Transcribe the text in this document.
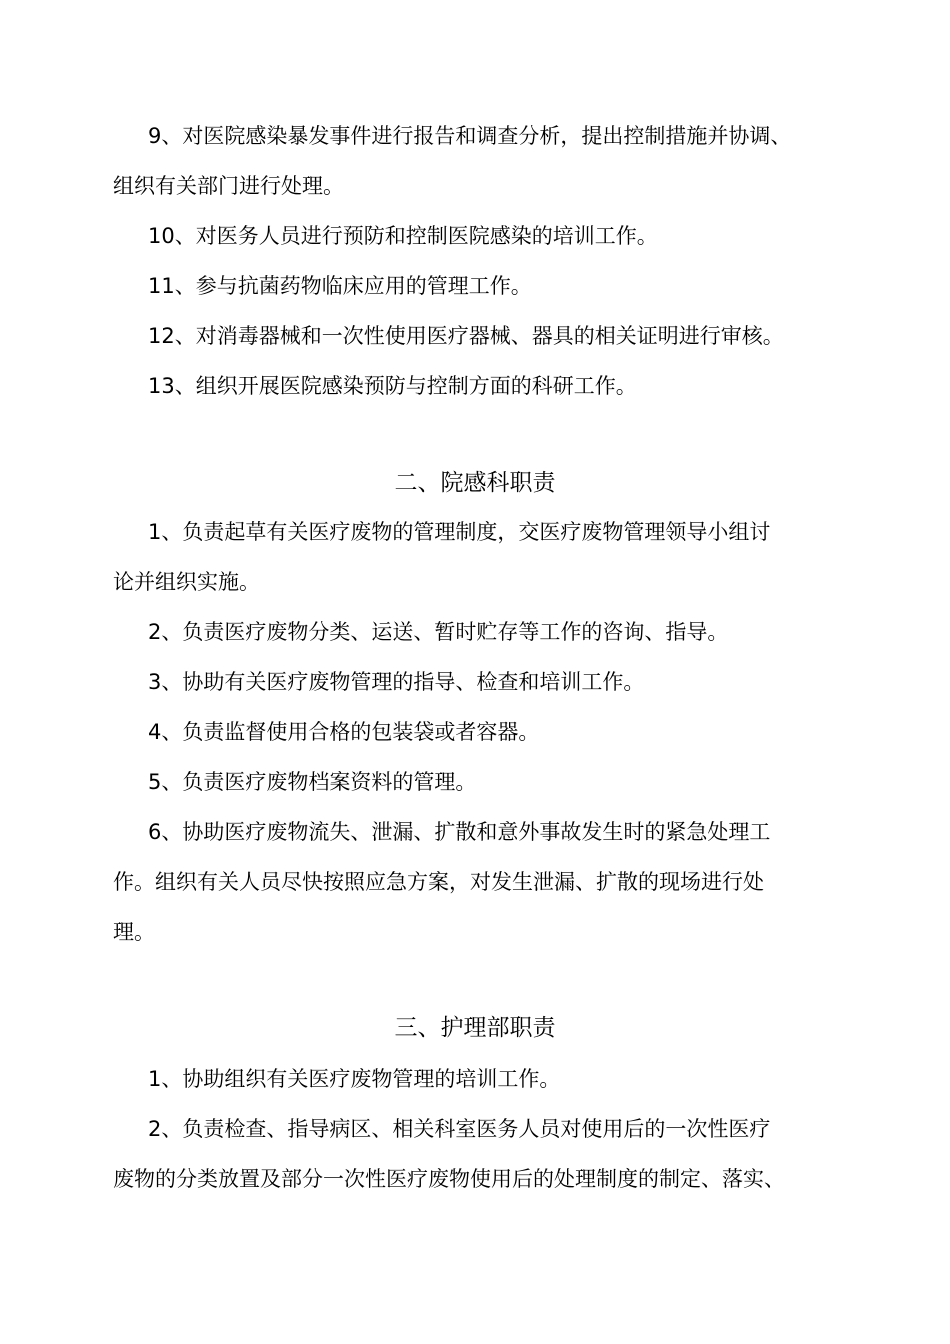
9、对医院感染暴发事件进行报告和调查分析，提出控制措施并协调、
组织有关部门进行处理。
10、对医务人员进行预防和控制医院感染的培训工作。
11、参与抗菌药物临床应用的管理工作。
12、对消毒器械和一次性使用医疗器械、器具的相关证明进行审核。
13、组织开展医院感染预防与控制方面的科研工作。
二、院感科职责
1、负责起草有关医疗废物的管理制度，交医疗废物管理领导小组讨
论并组织实施。
2、负责医疗废物分类、运送、暂时贮存等工作的咨询、指导。
3、协助有关医疗废物管理的指导、检查和培训工作。
4、负责监督使用合格的包装袋或者容器。
5、负责医疗废物档案资料的管理。
6、协助医疗废物流失、泄漏、扩散和意外事故发生时的紧急处理工
作。组织有关人员尽快按照应急方案，对发生泄漏、扩散的现场进行处
理。
三、护理部职责
1、协助组织有关医疗废物管理的培训工作。
2、负责检查、指导病区、相关科室医务人员对使用后的一次性医疗
废物的分类放置及部分一次性医疗废物使用后的处理制度的制定、落实、
